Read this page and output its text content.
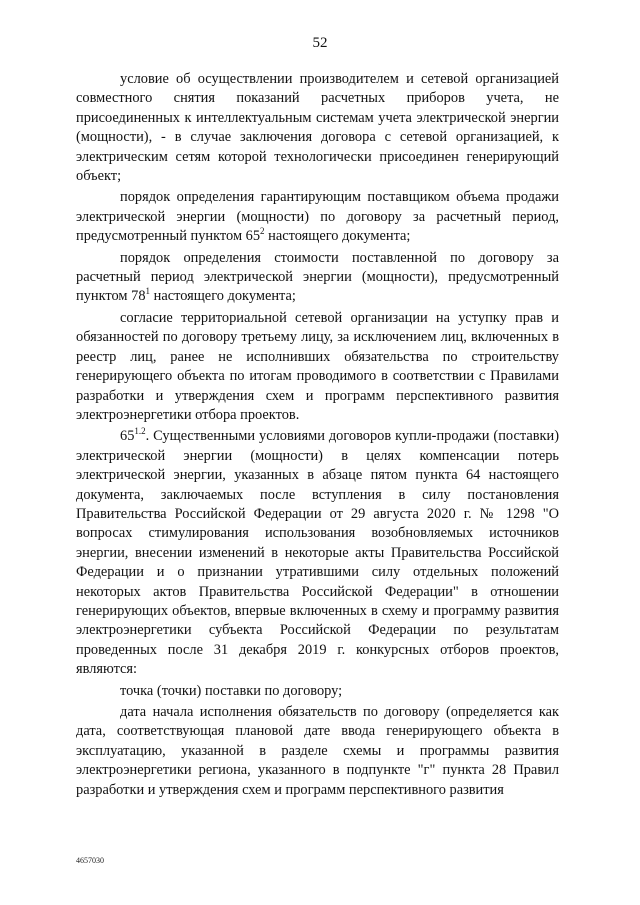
52

условие об осуществлении производителем и сетевой организацией совместного снятия показаний расчетных приборов учета, не присоединенных к интеллектуальным системам учета электрической энергии (мощности), - в случае заключения договора с сетевой организацией, к электрическим сетям которой технологически присоединен генерирующий объект;

порядок определения гарантирующим поставщиком объема продажи электрической энергии (мощности) по договору за расчетный период, предусмотренный пунктом $65^2$ настоящего документа;

порядок определения стоимости поставленной по договору за расчетный период электрической энергии (мощности), предусмотренный пунктом $78^1$ настоящего документа;

согласие территориальной сетевой организации на уступку прав и обязанностей по договору третьему лицу, за исключением лиц, включенных в реестр лиц, ранее не исполнивших обязательства по строительству генерирующего объекта по итогам проводимого в соответствии с Правилами разработки и утверждения схем и программ перспективного развития электроэнергетики отбора проектов.

$65^{1.2}$. Существенными условиями договоров купли-продажи (поставки) электрической энергии (мощности) в целях компенсации потерь электрической энергии, указанных в абзаце пятом пункта 64 настоящего документа, заключаемых после вступления в силу постановления Правительства Российской Федерации от 29 августа 2020 г. № 1298 "О вопросах стимулирования использования возобновляемых источников энергии, внесении изменений в некоторые акты Правительства Российской Федерации и о признании утратившими силу отдельных положений некоторых актов Правительства Российской Федерации" в отношении генерирующих объектов, впервые включенных в схему и программу развития электроэнергетики субъекта Российской Федерации по результатам проведенных после 31 декабря 2019 г. конкурсных отборов проектов, являются:

точка (точки) поставки по договору;

дата начала исполнения обязательств по договору (определяется как дата, соответствующая плановой дате ввода генерирующего объекта в эксплуатацию, указанной в разделе схемы и программы развития электроэнергетики региона, указанного в подпункте "г" пункта 28 Правил разработки и утверждения схем и программ перспективного развития

4657030
